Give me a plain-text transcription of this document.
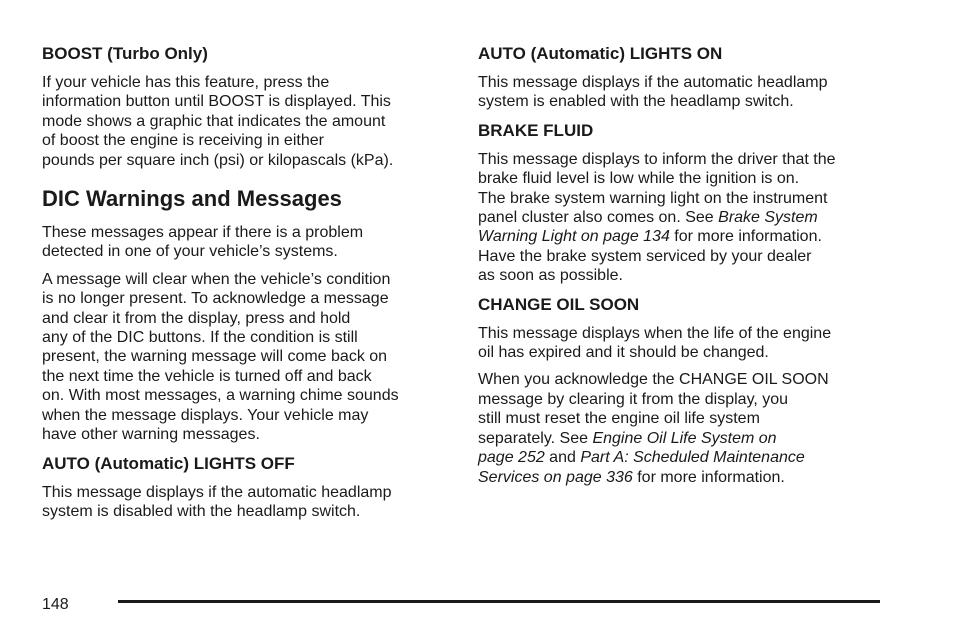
BOOST (Turbo Only)
If your vehicle has this feature, press the
information button until BOOST is displayed. This
mode shows a graphic that indicates the amount
of boost the engine is receiving in either
pounds per square inch (psi) or kilopascals (kPa).
DIC Warnings and Messages
These messages appear if there is a problem
detected in one of your vehicle’s systems.
A message will clear when the vehicle’s condition
is no longer present. To acknowledge a message
and clear it from the display, press and hold
any of the DIC buttons. If the condition is still
present, the warning message will come back on
the next time the vehicle is turned off and back
on. With most messages, a warning chime sounds
when the message displays. Your vehicle may
have other warning messages.
AUTO (Automatic) LIGHTS OFF
This message displays if the automatic headlamp
system is disabled with the headlamp switch.
AUTO (Automatic) LIGHTS ON
This message displays if the automatic headlamp
system is enabled with the headlamp switch.
BRAKE FLUID
This message displays to inform the driver that the
brake fluid level is low while the ignition is on.
The brake system warning light on the instrument
panel cluster also comes on. See Brake System
Warning Light on page 134 for more information.
Have the brake system serviced by your dealer
as soon as possible.
CHANGE OIL SOON
This message displays when the life of the engine
oil has expired and it should be changed.
When you acknowledge the CHANGE OIL SOON
message by clearing it from the display, you
still must reset the engine oil life system
separately. See Engine Oil Life System on
page 252 and Part A: Scheduled Maintenance
Services on page 336 for more information.
148
